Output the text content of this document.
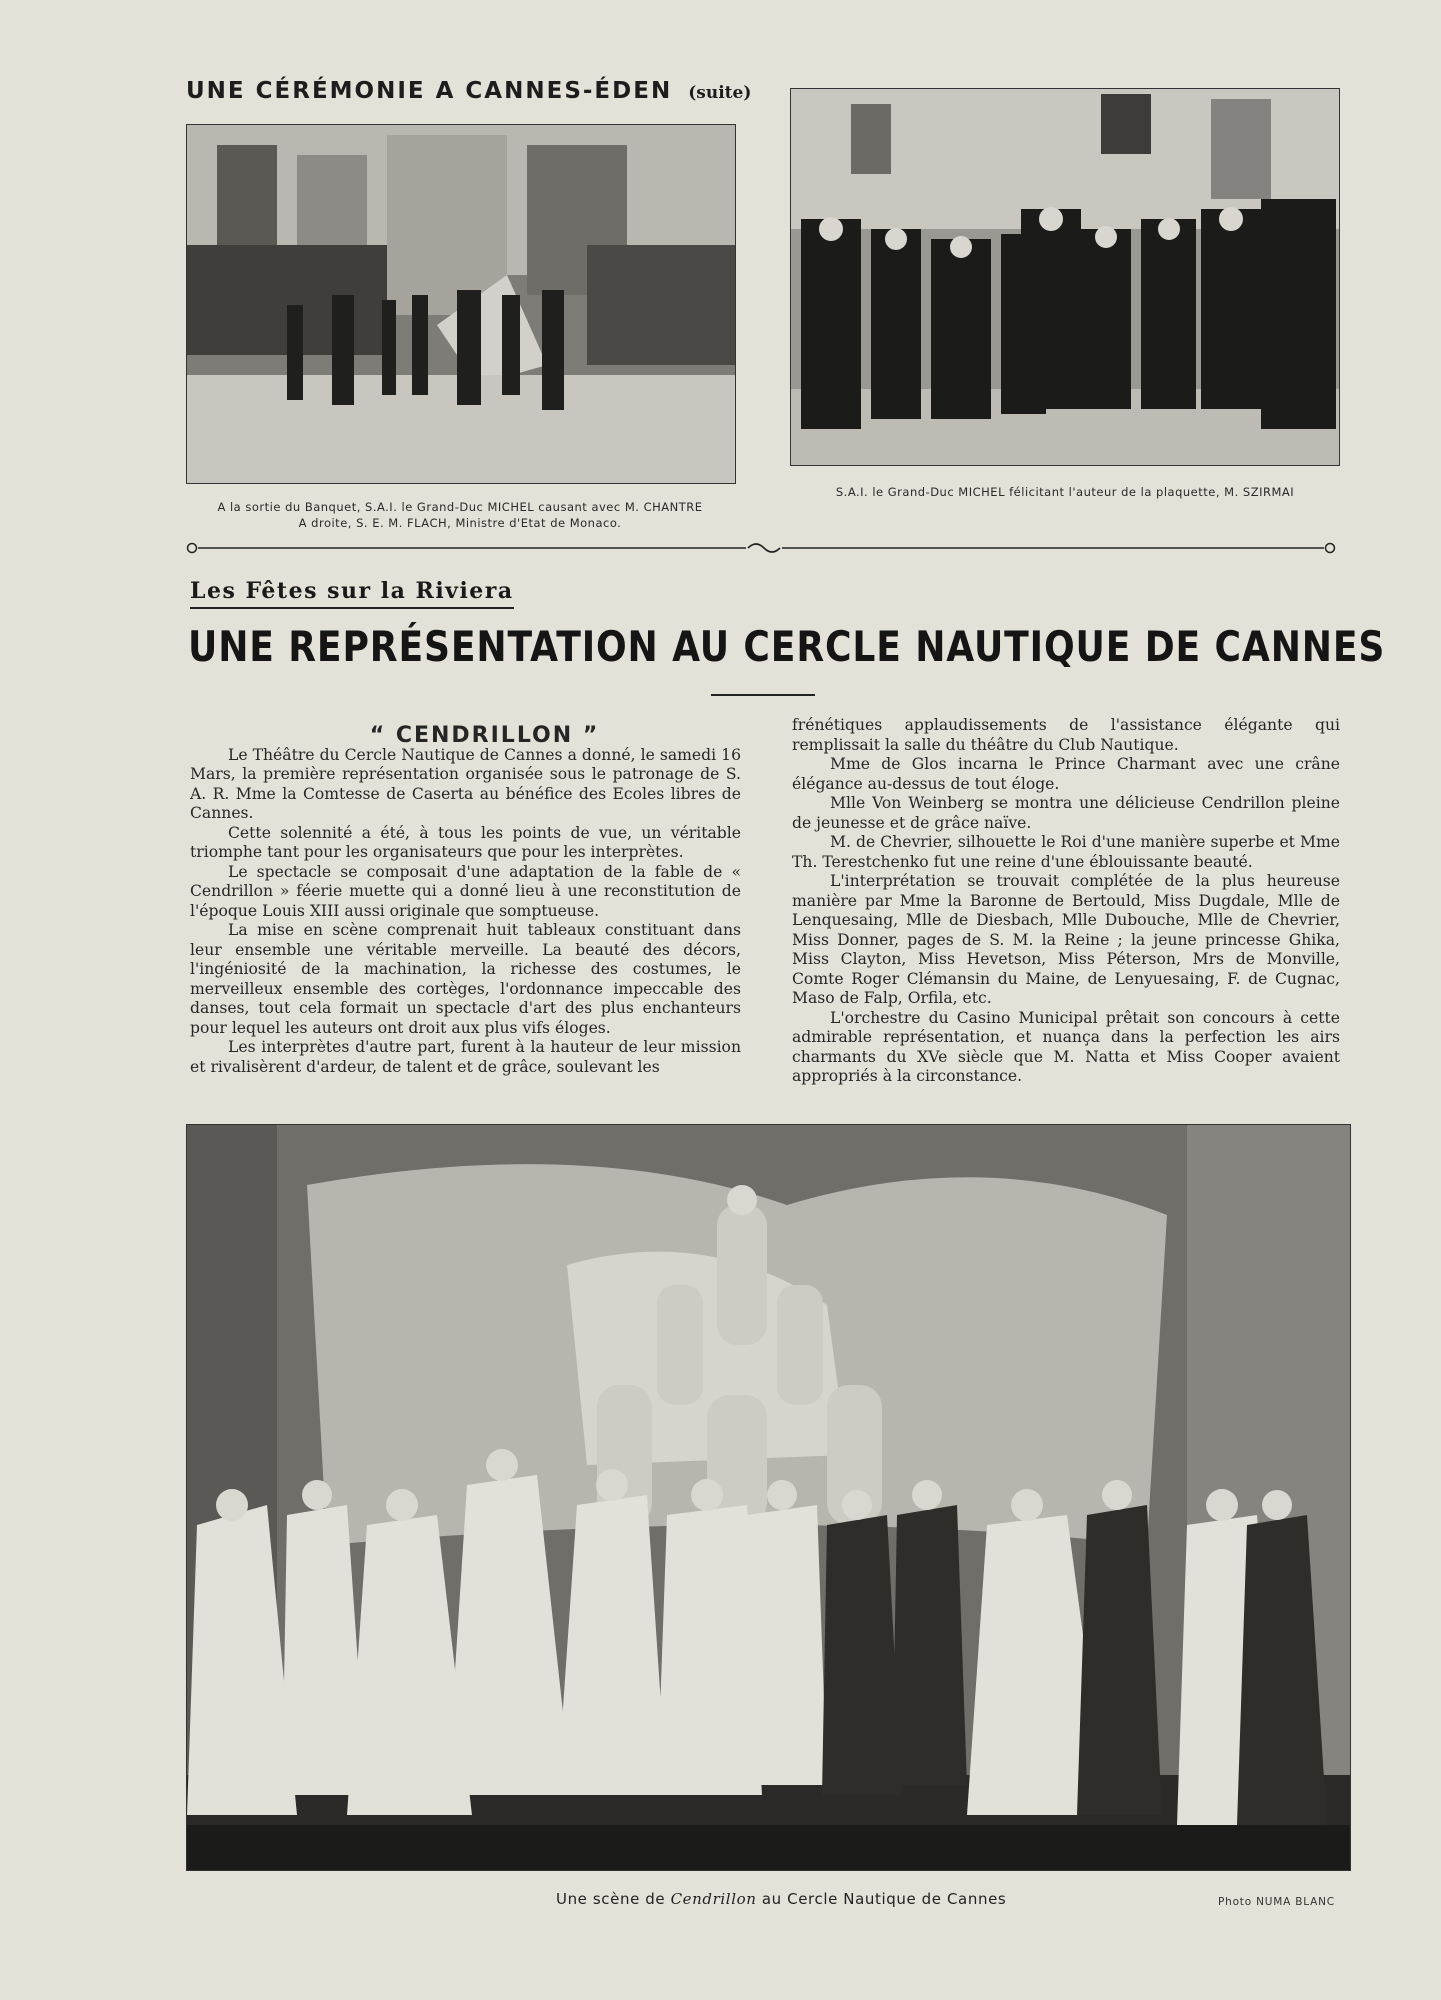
UNE CÉRÉMONIE A CANNES-ÉDEN (suite)
A la sortie du Banquet, S.A.I. le Grand-Duc MICHEL causant avec M. CHANTRE
A droite, S. E. M. FLACH, Ministre d'Etat de Monaco.
S.A.I. le Grand-Duc MICHEL félicitant l'auteur de la plaquette, M. SZIRMAI
Les Fêtes sur la Riviera
UNE REPRÉSENTATION AU CERCLE NAUTIQUE DE CANNES

“ CENDRILLON ”

Le Théâtre du Cercle Nautique de Cannes a donné, le samedi 16 Mars, la première représentation organisée sous le patronage de S. A. R. Mme la Comtesse de Caserta au bénéfice des Ecoles libres de Cannes.

Cette solennité a été, à tous les points de vue, un véritable triomphe tant pour les organisateurs que pour les interprètes.

Le spectacle se composait d'une adaptation de la fable de « Cendrillon » féerie muette qui a donné lieu à une reconstitution de l'époque Louis XIII aussi originale que somptueuse.

La mise en scène comprenait huit tableaux constituant dans leur ensemble une véritable merveille. La beauté des décors, l'ingéniosité de la machination, la richesse des costumes, le merveilleux ensemble des cortèges, l'ordonnance impeccable des danses, tout cela formait un spectacle d'art des plus enchanteurs pour lequel les auteurs ont droit aux plus vifs éloges.

Les interprètes d'autre part, furent à la hauteur de leur mission et rivalisèrent d'ardeur, de talent et de grâce, soulevant les

frénétiques applaudissements de l'assistance élégante qui remplissait la salle du théâtre du Club Nautique.

Mme de Glos incarna le Prince Charmant avec une crâne élégance au-dessus de tout éloge.

Mlle Von Weinberg se montra une délicieuse Cendrillon pleine de jeunesse et de grâce naïve.

M. de Chevrier, silhouette le Roi d'une manière superbe et Mme Th. Terestchenko fut une reine d'une éblouissante beauté.

L'interprétation se trouvait complétée de la plus heureuse manière par Mme la Baronne de Bertould, Miss Dugdale, Mlle de Lenquesaing, Mlle de Diesbach, Mlle Dubouche, Mlle de Chevrier, Miss Donner, pages de S. M. la Reine ; la jeune princesse Ghika, Miss Clayton, Miss Hevetson, Miss Péterson, Mrs de Monville, Comte Roger Clémansin du Maine, de Lenyuesaing, F. de Cugnac, Maso de Falp, Orfila, etc.

L'orchestre du Casino Municipal prêtait son concours à cette admirable représentation, et nuança dans la perfection les airs charmants du XVe siècle que M. Natta et Miss Cooper avaient appropriés à la circonstance.

Une scène de Cendrillon au Cercle Nautique de Cannes	Photo NUMA BLANC
